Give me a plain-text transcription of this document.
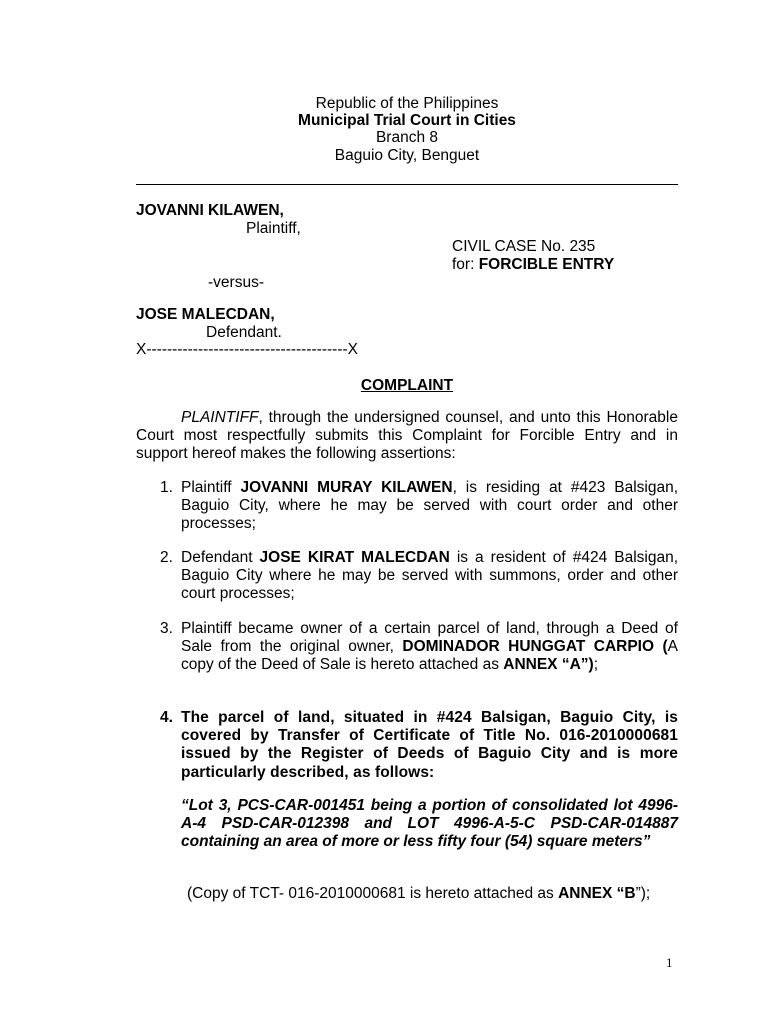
Republic of the Philippines
Municipal Trial Court in Cities
Branch 8
Baguio City, Benguet
JOVANNI KILAWEN,
Plaintiff,
CIVIL CASE No. 235
for: FORCIBLE ENTRY
-versus-
JOSE MALECDAN,
Defendant.
X---------------------------------------X
COMPLAINT
PLAINTIFF, through the undersigned counsel, and unto this Honorable Court most respectfully submits this Complaint for Forcible Entry and in support hereof makes the following assertions:
1. Plaintiff JOVANNI MURAY KILAWEN, is residing at #423 Balsigan, Baguio City, where he may be served with court order and other processes;
2. Defendant JOSE KIRAT MALECDAN is a resident of #424 Balsigan, Baguio City where he may be served with summons, order and other court processes;
3. Plaintiff became owner of a certain parcel of land, through a Deed of Sale from the original owner, DOMINADOR HUNGGAT CARPIO (A copy of the Deed of Sale is hereto attached as ANNEX “A”);
4. The parcel of land, situated in #424 Balsigan, Baguio City, is covered by Transfer of Certificate of Title No. 016-2010000681 issued by the Register of Deeds of Baguio City and is more particularly described, as follows:
“Lot 3, PCS-CAR-001451 being a portion of consolidated lot 4996-A-4 PSD-CAR-012398 and LOT 4996-A-5-C PSD-CAR-014887 containing an area of more or less fifty four (54) square meters”
(Copy of TCT- 016-2010000681 is hereto attached as ANNEX “B”);
1
